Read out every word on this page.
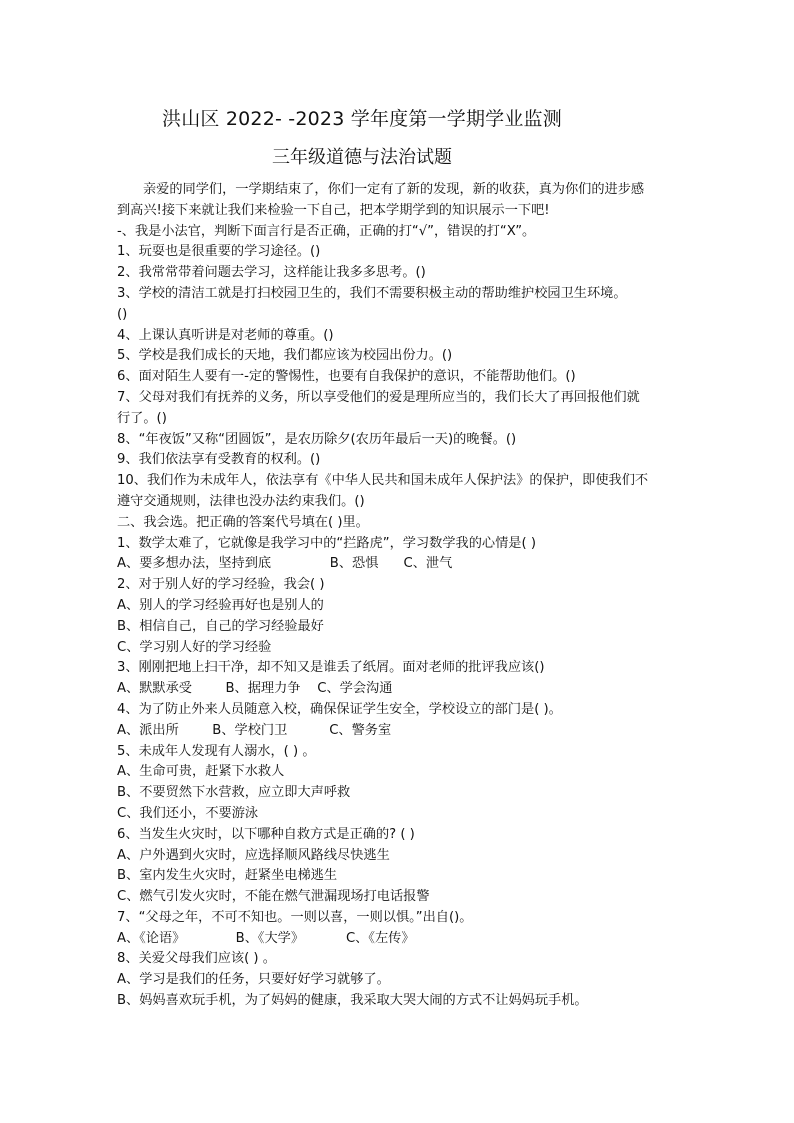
洪山区 2022- -2023 学年度第一学期学业监测
三年级道德与法治试题
亲爱的同学们，一学期结束了，你们一定有了新的发现，新的收获，真为你们的进步感
到高兴!接下来就让我们来检验一下自己，把本学期学到的知识展示一下吧!
-、我是小法官，判断下面言行是否正确，正确的打“√”，错误的打“X”。
1、玩耍也是很重要的学习途径。()
2、我常常带着问题去学习，这样能让我多多思考。()
3、学校的清洁工就是打扫校园卫生的，我们不需要积极主动的帮助维护校园卫生环境。
()
4、上课认真听讲是对老师的尊重。()
5、学校是我们成长的天地，我们都应该为校园出份力。()
6、面对陌生人要有一-定的警惕性，也要有自我保护的意识，不能帮助他们。()
7、父母对我们有抚养的义务，所以享受他们的爱是理所应当的，我们长大了再回报他们就
行了。()
8、“年夜饭”又称“团圆饭”，是农历除夕(农历年最后一天)的晚餐。()
9、我们依法享有受教育的权利。()
10、我们作为未成年人，依法享有《中华人民共和国未成年人保护法》的保护，即使我们不
遵守交通规则，法律也没办法约束我们。()
二、我会选。把正确的答案代号填在( )里。
1、数学太难了，它就像是我学习中的“拦路虎”，学习数学我的心情是( )
A、要多想办法，坚持到底              B、恐惧      C、泄气
2、对于别人好的学习经验，我会( )
A、别人的学习经验再好也是别人的
B、相信自己，自己的学习经验最好
C、学习别人好的学习经验
3、刚刚把地上扫干净，却不知又是谁丢了纸屑。面对老师的批评我应该()
A、默默承受        B、据理力争    C、学会沟通
4、为了防止外来人员随意入校，确保保证学生安全，学校设立的部门是( )。
A、派出所        B、学校门卫          C、警务室
5、未成年人发现有人溺水，( ) 。
A、生命可贵，赶紧下水救人
B、不要贸然下水营救，应立即大声呼救
C、我们还小，不要游泳
6、当发生火灾时，以下哪种自救方式是正确的? ( )
A、户外遇到火灾时，应选择顺风路线尽快逃生
B、室内发生火灾时，赶紧坐电梯逃生
C、燃气引发火灾时，不能在燃气泄漏现场打电话报警
7、“父母之年，不可不知也。一则以喜，一则以惧。”出自()。
A、《论语》            B、《大学》          C、《左传》
8、关爱父母我们应该( ) 。
A、学习是我们的任务，只要好好学习就够了。
B、妈妈喜欢玩手机，为了妈妈的健康，我采取大哭大闹的方式不让妈妈玩手机。
